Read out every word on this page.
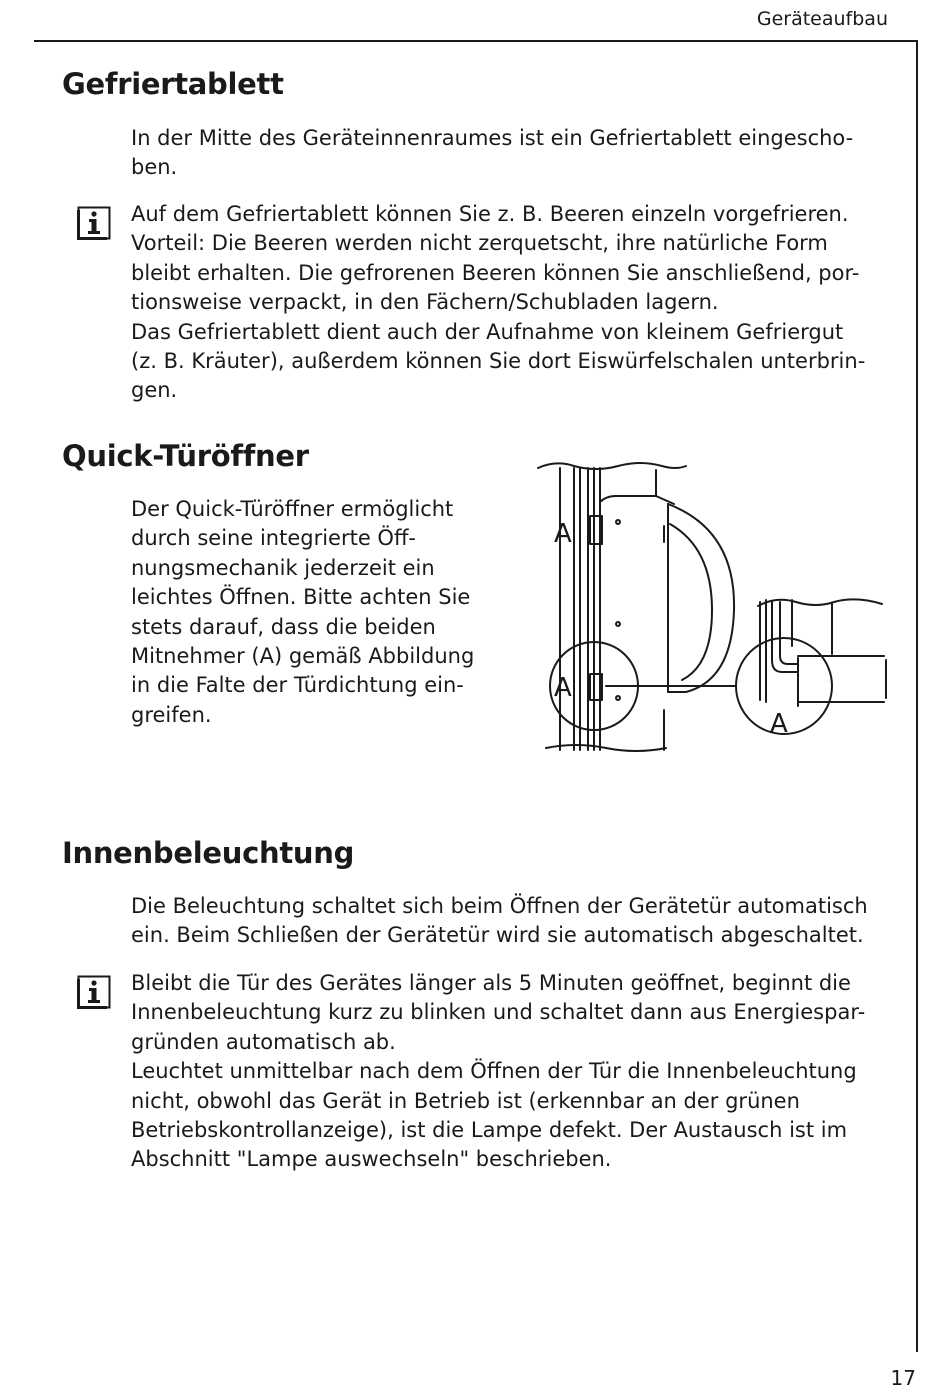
Geräteaufbau
Gefriertablett
In der Mitte des Geräteinnenraumes ist ein Gefriertablett eingescho-
ben.
Auf dem Gefriertablett können Sie z. B. Beeren einzeln vorgefrieren.
Vorteil: Die Beeren werden nicht zerquetscht, ihre natürliche Form
bleibt erhalten. Die gefrorenen Beeren können Sie anschließend, por-
tionsweise verpackt, in den Fächern/Schubladen lagern.
Das Gefriertablett dient auch der Aufnahme von kleinem Gefriergut
(z. B. Kräuter), außerdem können Sie dort Eiswürfelschalen unterbrin-
gen.
Quick-Türöffner
Der Quick-Türöffner ermöglicht
durch seine integrierte Öff-
nungsmechanik jederzeit ein
leichtes Öffnen. Bitte achten Sie
stets darauf, dass die beiden
Mitnehmer (A) gemäß Abbildung
in die Falte der Türdichtung ein-
greifen.
A
A
A
Innenbeleuchtung
Die Beleuchtung schaltet sich beim Öffnen der Gerätetür automatisch
ein. Beim Schließen der Gerätetür wird sie automatisch abgeschaltet.
Bleibt die Tür des Gerätes länger als 5 Minuten geöffnet, beginnt die
Innenbeleuchtung kurz zu blinken und schaltet dann aus Energiespar-
gründen automatisch ab.
Leuchtet unmittelbar nach dem Öffnen der Tür die Innenbeleuchtung
nicht, obwohl das Gerät in Betrieb ist (erkennbar an der grünen
Betriebskontrollanzeige), ist die Lampe defekt. Der Austausch ist im
Abschnitt "Lampe auswechseln" beschrieben.
17
